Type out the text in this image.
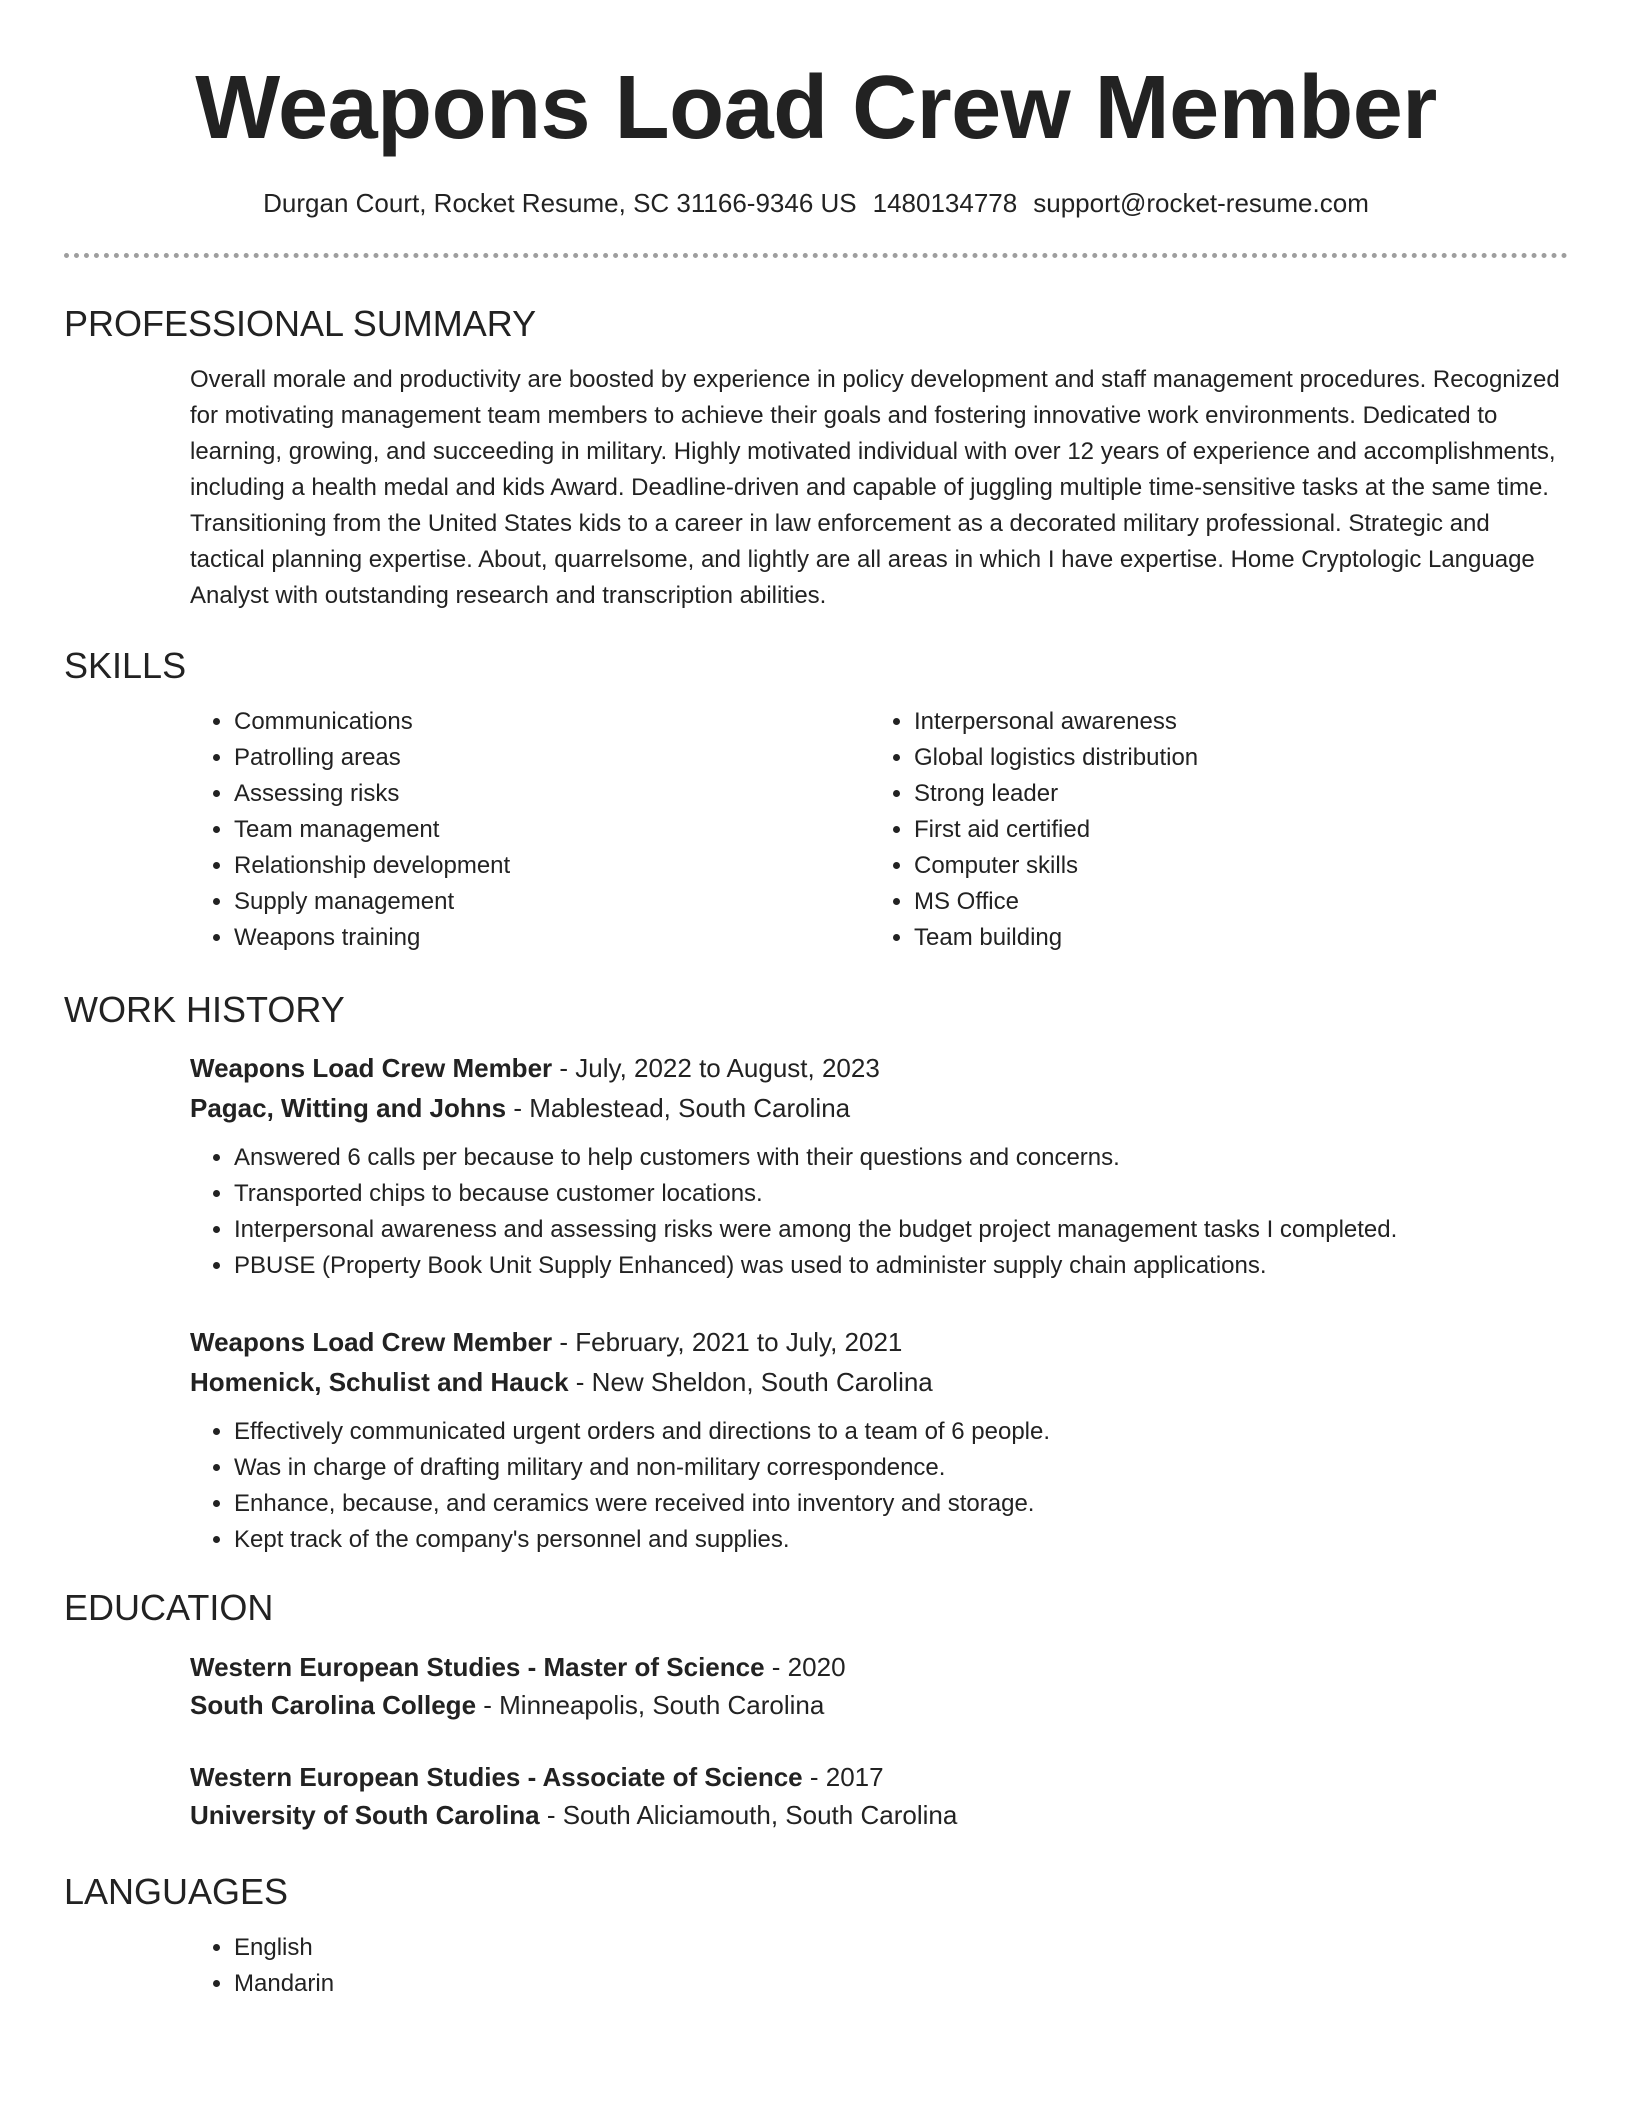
Weapons Load Crew Member
Durgan Court, Rocket Resume, SC 31166-9346 US 1480134778 support@rocket-resume.com
PROFESSIONAL SUMMARY

Overall morale and productivity are boosted by experience in policy development and staff management procedures. Recognized for motivating management team members to achieve their goals and fostering innovative work environments. Dedicated to learning, growing, and succeeding in military. Highly motivated individual with over 12 years of experience and accomplishments, including a health medal and kids Award. Deadline-driven and capable of juggling multiple time-sensitive tasks at the same time. Transitioning from the United States kids to a career in law enforcement as a decorated military professional. Strategic and tactical planning expertise. About, quarrelsome, and lightly are all areas in which I have expertise. Home Cryptologic Language Analyst with outstanding research and transcription abilities.

SKILLS
• Communications
• Patrolling areas
• Assessing risks
• Team management
• Relationship development
• Supply management
• Weapons training
• Interpersonal awareness
• Global logistics distribution
• Strong leader
• First aid certified
• Computer skills
• MS Office
• Team building
WORK HISTORY
Weapons Load Crew Member - July, 2022 to August, 2023
Pagac, Witting and Johns - Mablestead, South Carolina
• Answered 6 calls per because to help customers with their questions and concerns.
• Transported chips to because customer locations.
• Interpersonal awareness and assessing risks were among the budget project management tasks I completed.
• PBUSE (Property Book Unit Supply Enhanced) was used to administer supply chain applications.
Weapons Load Crew Member - February, 2021 to July, 2021
Homenick, Schulist and Hauck - New Sheldon, South Carolina
• Effectively communicated urgent orders and directions to a team of 6 people.
• Was in charge of drafting military and non-military correspondence.
• Enhance, because, and ceramics were received into inventory and storage.
• Kept track of the company's personnel and supplies.
EDUCATION
Western European Studies - Master of Science - 2020
South Carolina College - Minneapolis, South Carolina
Western European Studies - Associate of Science - 2017
University of South Carolina - South Aliciamouth, South Carolina
LANGUAGES
• English
• Mandarin
